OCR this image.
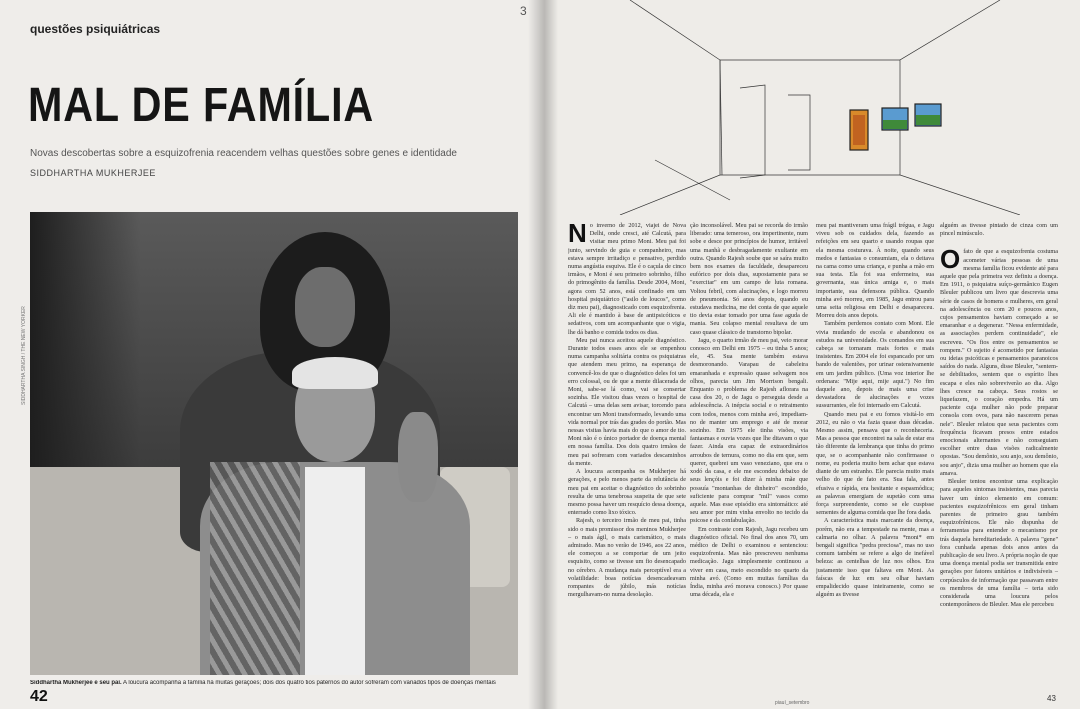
questões psiquiátricas
3
MAL DE FAMÍLIA
Novas descobertas sobre a esquizofrenia reacendem velhas questões sobre genes e identidade
SIDDHARTHA MUKHERJEE
SIDDHARTHA SINGH / THE NEW YORKER
Siddhartha Mukherjee e seu pai. A loucura acompanha a família há muitas gerações; dois dos quatro tios paternos do autor sofreram com variados tipos de doenças mentais
42
N o inverno de 2012, viajei de Nova Delhi, onde cresci, até Calcutá, para visitar meu primo Moni. Meu pai foi junto, servindo de guia e companheiro, mas estava sempre irritadiço e pensativo, perdido numa angústia esquiva. Ele é o caçula de cinco irmãos, e Moni é seu primeiro sobrinho, filho do primogênito da família. Desde 2004, Moni, agora com 52 anos, está confinado em um hospital psiquiátrico ("asilo de loucos", como diz meu pai), diagnosticado com esquizofrenia. Ali ele é mantido à base de antipsicóticos e sedativos, com um acompanhante que o vigia, lhe dá banho e comida todos os dias.

Meu pai nunca aceitou aquele diagnóstico. Durante todos esses anos ele se empenhou numa campanha solitária contra os psiquiatras que atendem meu primo, na esperança de convencê-los de que o diagnóstico deles foi um erro colossal, ou de que a mente dilacerada de Moni, sabe-se lá como, vai se consertar sozinha. Ele visitou duas vezes o hospital de Calcutá – uma delas sem avisar, torcendo para encontrar um Moni transformado, levando uma vida normal por trás das grades do portão. Mas nessas visitas havia mais do que o amor de tio. Moni não é o único portador de doença mental em nossa família. Dos dois quatro irmãos de meu pai sofreram com variados descaminhos da mente.

A loucura acompanha os Mukherjee há gerações, e pelo menos parte da relutância de meu pai em aceitar o diagnóstico do sobrinho resulta de uma tenebrosa suspeita de que sete mesmo possa haver um resquício dessa doença, enterrado como lixo tóxico.

Rajesh, o terceiro irmão de meu pai, tinha sido o mais promissor dos meninos Mukherjee – o mais ágil, o mais carismático, o mais admirado. Mas no verão de 1946, aos 22 anos, ele começou a se comportar de um jeito esquisito, como se tivesse um fio desencapado no cérebro. A mudança mais perceptível era a volatilidade: boas notícias desencadeavam rompantes de júbilo, más notícias mergulhavam-no numa desolação.

ção inconsolável. Meu pai se recorda do irmão liberado: uma temeroso, ora impertinente, num sobe e desce por princípios de humor, irritável uma manhã e desbragadamente exultante em outra. Quando Rajesh soube que se saíra muito bem nos exames da faculdade, desapareceu eufórico por dois dias, supostamente para se "exercitar" em um campo de luta romana. Voltou febril, com alucinações, e logo morreu de pneumonia. Só anos depois, quando eu estudava medicina, me dei conta de que aquele tio devia estar tomado por uma fase aguda de mania. Seu colapso mental resultava de um caso quase clássico de transtorno bipolar.

Jagu, o quarto irmão de meu pai, veio morar conosco em Delhi em 1975 – eu tinha 5 anos; ele, 45. Sua mente também estava desmoronando. Varapau de cabeleira emaranhada e expressão quase selvagem nos olhos, parecia um Jim Morrison bengali. Enquanto o problema de Rajesh aflorara na casa dos 20, o de Jagu o perseguia desde a adolescência. A inépcia social e o retraimento com todos, menos com minha avó, impediam-no de manter um emprego e até de morar sozinho. Em 1975 ele tinha visões, via fantasmas e ouvia vozes que lhe ditavam o que fazer. Ainda era capaz de extraordinários arroubos de ternura, como no dia em que, sem querer, quebrei um vaso veneziano, que era o xodó da casa, e ele me escondeu debaixo de seus lençóis e foi dizer à minha mãe que possuía "montanhas de dinheiro" escondido, suficiente para comprar "mil" vasos como aquele. Mas esse episódio era sintomático: até seu amor por mim vinha envolto no tecido da psicose e da confabulação.

Em contraste com Rajesh, Jagu recebeu um diagnóstico oficial. No final dos anos 70, um médico de Delhi o examinou e sentenciou: esquizofrenia. Mas não prescreveu nenhuma medicação. Jagu simplesmente continuou a viver em casa, meio escondido no quarto da minha avó. (Como em muitas famílias da Índia, minha avó morava conosco.) Por quase uma década, ela e

meu pai mantiveram uma frágil trégua, e Jagu viveu sob os cuidados dela, fazendo as refeições em seu quarto e usando roupas que ela mesma costurava. À noite, quando seus medos e fantasias o consumiam, ela o deitava na cama como uma criança, e punha a mão em sua testa. Ela foi sua enfermeira, sua governanta, sua única amiga e, o mais importante, sua defensora pública. Quando minha avó morreu, em 1985, Jagu entrou para uma seita religiosa em Delhi e desapareceu. Morreu dois anos depois.

Também perdemos contato com Moni. Ele vivia mudando de escola e abandonou os estudos na universidade. Os comandos em sua cabeça se tornaram mais fortes e mais insistentes. Em 2004 ele foi espancado por um bando de valentões, por urinar ostensivamente em um jardim público. (Uma voz interior lhe ordenara: "Mije aqui, mije aqui.") No fim daquele ano, depois de mais uma crise devastadora de alucinações e vozes sussurrantes, ele foi internado em Calcutá.

Quando meu pai e eu fomos visitá-lo em 2012, eu não o via fazia quase duas décadas. Mesmo assim, pensava que o reconheceria. Mas a pessoa que encontrei na sala de estar era tão diferente da lembrança que tinha do primo que, se o acompanhante não confirmasse o nome, eu poderia muito bem achar que estava diante de um estranho. Ele parecia muito mais velho do que de fato era. Sua fala, antes efusiva e rápida, era hesitante e espasmódica; as palavras emergiam de supetão com uma força surpreendente, como se ele cuspisse sementes de alguma comida que lhe fora dada.

A característica mais marcante da doença, porém, não era a tempestade na mente, mas a calmaria no olhar. A palavra *moni* em bengali significa "pedra preciosa", mas no uso comum também se refere a algo de inefável beleza: as centelhas de luz nos olhos. Era justamente isso que faltava em Moni. As faíscas de luz em seu olhar haviam empalidecido quase inteiramente, como se alguém as tivesse

alguém as tivesse pintado de cinza com um pincel minúsculo.

O fato de que a esquizofrenia costuma acometer várias pessoas de uma mesma família ficou evidente até para aquele que pela primeira vez definiu a doença. Em 1911, o psiquiatra suíço-germânico Eugen Bleuler publicou um livro que descrevia uma série de casos de homens e mulheres, em geral na adolescência ou com 20 e poucos anos, cujos pensamentos haviam começado a se emaranhar e a degenerar. "Nessa enfermidade, as associações perdem continuidade", ele escreveu. "Os fios entre os pensamentos se rompem." O sujeito é acometido por fantasias ou ideias psicóticas e pensamentos paranoicos saídos do nada. Alguns, disse Bleuler, "sentem-se debilitados, sentem que o espírito lhes escapa e eles não sobreviverão ao dia. Algo lhes cresce na cabeça. Seus rostos se liquefazem, o coração empedra. Há um paciente cuja mulher não pode preparar consola com ovos, para não nascerem penas nele". Bleuler relatou que seus pacientes com frequência ficavam presos entre estados emocionais alternantes e não conseguiam escolher entre duas visões radicalmente opostas. "Sou demônio, sou anjo, sou demônio, sou anjo", dizia uma mulher ao homem que ela amava.

Bleuler tentou encontrar uma explicação para aqueles sintomas insistentes, mas parecia haver um único elemento em comum: pacientes esquizofrênicos em geral tinham parentes de primeiro grau também esquizofrênicos. Ele não dispunha de ferramentas para entender o mecanismo por trás daquela hereditariedade. A palavra "gene" fora cunhada apenas dois anos antes da publicação de seu livro. A própria noção de que uma doença mental podia ser transmitida entre gerações por fatores unitários e indivisíveis – corpúsculos de informação que passavam entre os membros de uma família – teria sido considerada uma loucura pelos contemporâneos de Bleuler. Mas ele percebeu

piauí_setembro	43
